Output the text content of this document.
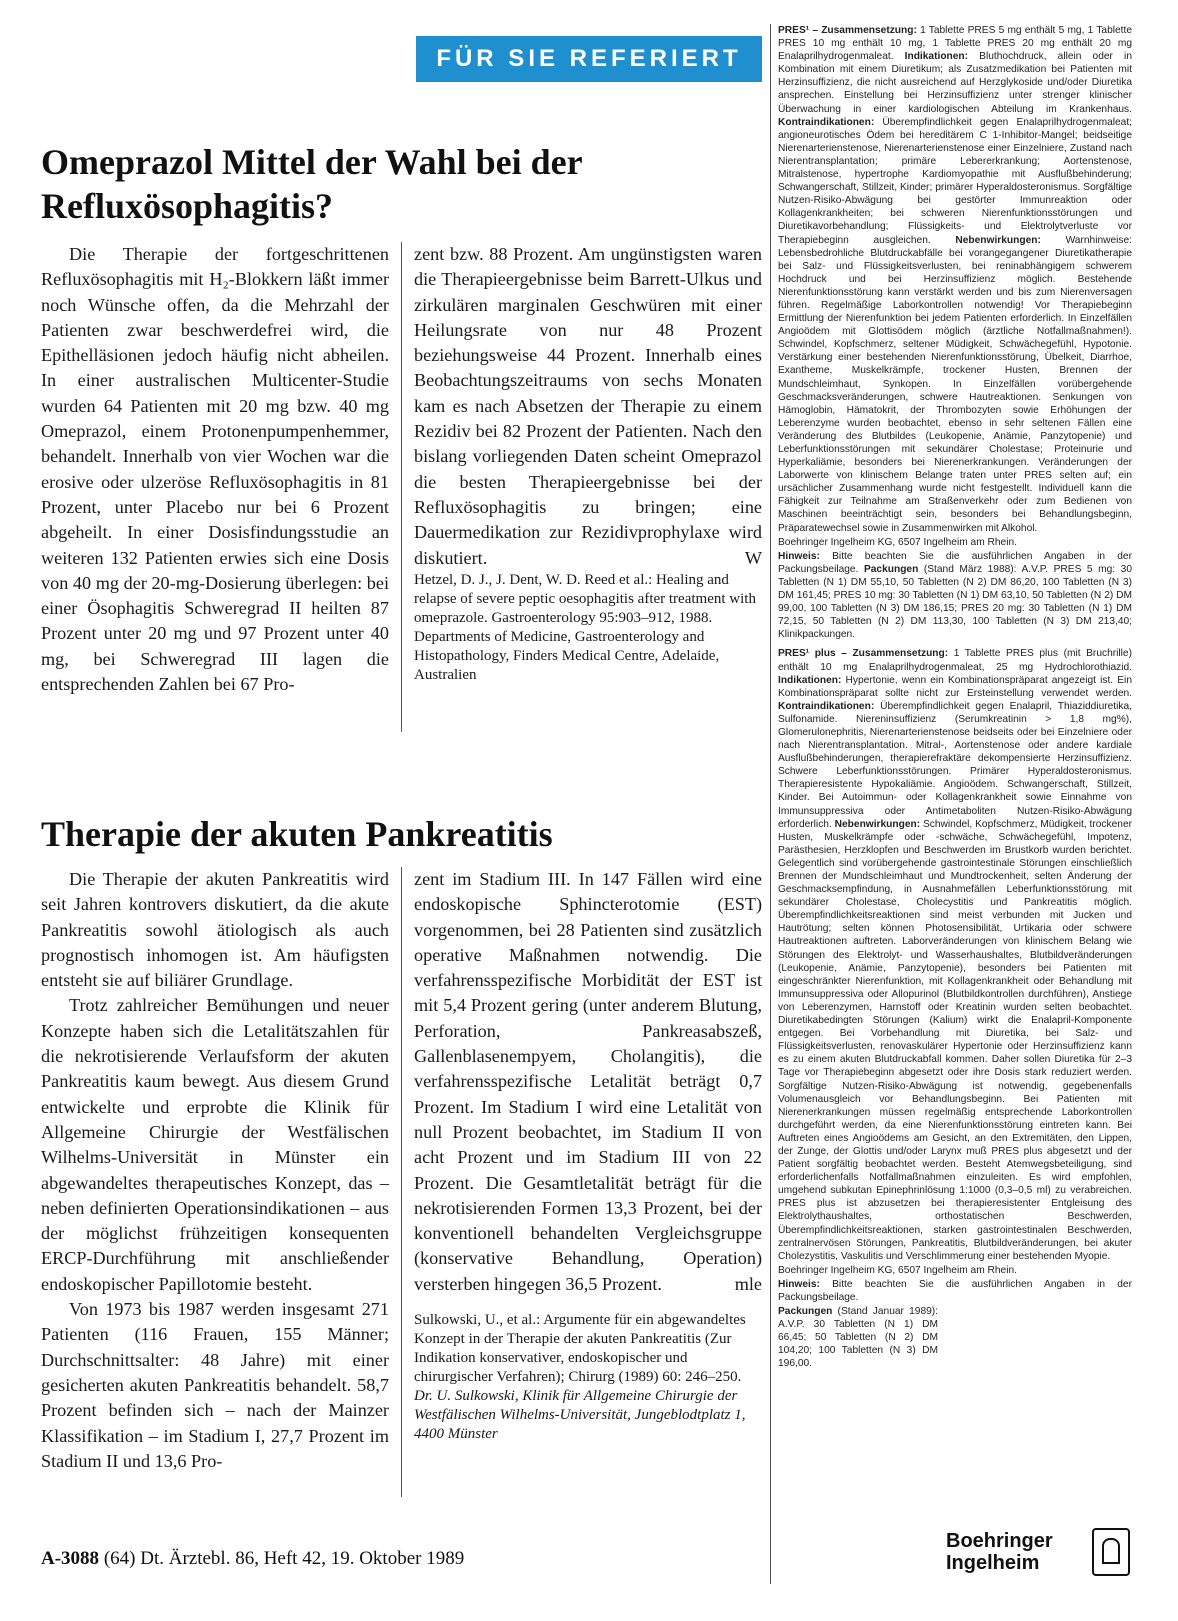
FÜR SIE REFERIERT
Omeprazol Mittel der Wahl bei der Refluxösophagitis?

Die Therapie der fortgeschrittenen Refluxösophagitis mit H₂-Blokkern läßt immer noch Wünsche offen, da die Mehrzahl der Patienten zwar beschwerdefrei wird, die Epithelläsionen jedoch häufig nicht abheilen. In einer australischen Multicenter-Studie wurden 64 Patienten mit 20 mg bzw. 40 mg Omeprazol, einem Protonenpumpenhemmer, behandelt. Innerhalb von vier Wochen war die erosive oder ulzeröse Refluxösophagitis in 81 Prozent, unter Placebo nur bei 6 Prozent abgeheilt. In einer Dosisfindungsstudie an weiteren 132 Patienten erwies sich eine Dosis von 40 mg der 20-mg-Dosierung überlegen: bei einer Ösophagitis Schweregrad II heilten 87 Prozent unter 20 mg und 97 Prozent unter 40 mg, bei Schweregrad III lagen die entsprechenden Zahlen bei 67 Pro-

zent bzw. 88 Prozent. Am ungünstigsten waren die Therapieergebnisse beim Barrett-Ulkus und zirkulären marginalen Geschwüren mit einer Heilungsrate von nur 48 Prozent beziehungsweise 44 Prozent. Innerhalb eines Beobachtungszeitraums von sechs Monaten kam es nach Absetzen der Therapie zu einem Rezidiv bei 82 Prozent der Patienten. Nach den bislang vorliegenden Daten scheint Omeprazol die besten Therapieergebnisse bei der Refluxösophagitis zu bringen; eine Dauermedikation zur Rezidivprophylaxe wird diskutiert.	W

Hetzel, D. J., J. Dent, W. D. Reed et al.: Healing and relapse of severe peptic oesophagitis after treatment with omeprazole. Gastroenterology 95:903–912, 1988.

Departments of Medicine, Gastroenterology and Histopathology, Finders Medical Centre, Adelaide, Australien

Therapie der akuten Pankreatitis

Die Therapie der akuten Pankreatitis wird seit Jahren kontrovers diskutiert, da die akute Pankreatitis sowohl ätiologisch als auch prognostisch inhomogen ist. Am häufigsten entsteht sie auf biliärer Grundlage.

Trotz zahlreicher Bemühungen und neuer Konzepte haben sich die Letalitätszahlen für die nekrotisierende Verlaufsform der akuten Pankreatitis kaum bewegt. Aus diesem Grund entwickelte und erprobte die Klinik für Allgemeine Chirurgie der Westfälischen Wilhelms-Universität in Münster ein abgewandeltes therapeutisches Konzept, das – neben definierten Operationsindikationen – aus der möglichst frühzeitigen konsequenten ERCP-Durchführung mit anschließender endoskopischer Papillotomie besteht.

Von 1973 bis 1987 werden insgesamt 271 Patienten (116 Frauen, 155 Männer; Durchschnittsalter: 48 Jahre) mit einer gesicherten akuten Pankreatitis behandelt. 58,7 Prozent befinden sich – nach der Mainzer Klassifikation – im Stadium I, 27,7 Prozent im Stadium II und 13,6 Pro-

zent im Stadium III. In 147 Fällen wird eine endoskopische Sphincterotomie (EST) vorgenommen, bei 28 Patienten sind zusätzlich operative Maßnahmen notwendig. Die verfahrensspezifische Morbidität der EST ist mit 5,4 Prozent gering (unter anderem Blutung, Perforation, Pankreasabszeß, Gallenblasenempyem, Cholangitis), die verfahrensspezifische Letalität beträgt 0,7 Prozent. Im Stadium I wird eine Letalität von null Prozent beobachtet, im Stadium II von acht Prozent und im Stadium III von 22 Prozent. Die Gesamtletalität beträgt für die nekrotisierenden Formen 13,3 Prozent, bei der konventionell behandelten Vergleichsgruppe (konservative Behandlung, Operation) versterben hingegen 36,5 Prozent.	mle

Sulkowski, U., et al.: Argumente für ein abgewandeltes Konzept in der Therapie der akuten Pankreatitis (Zur Indikation konservativer, endoskopischer und chirurgischer Verfahren); Chirurg (1989) 60: 246–250.

Dr. U. Sulkowski, Klinik für Allgemeine Chirurgie der Westfälischen Wilhelms-Universität, Jungeblodtplatz 1, 4400 Münster

PRES¹ – Zusammensetzung: 1 Tablette PRES 5 mg enthält 5 mg, 1 Tablette PRES 10 mg enthält 10 mg, 1 Tablette PRES 20 mg enthält 20 mg Enalaprilhydrogenmaleat. Indikationen: Bluthochdruck, allein oder in Kombination mit einem Diuretikum; als Zusatzmedikation bei Patienten mit Herzinsuffizienz, die nicht ausreichend auf Herzglykoside und/oder Diuretika ansprechen. Einstellung bei Herzinsuffizienz unter strenger klinischer Überwachung in einer kardiologischen Abteilung im Krankenhaus. Kontraindikationen: Überempfindlichkeit gegen Enalaprilhydrogenmaleat; angioneurotisches Ödem bei hereditärem C 1-Inhibitor-Mangel; beidseitige Nierenarterienstenose, Nierenarterienstenose einer Einzelniere, Zustand nach Nierentransplantation; primäre Lebererkrankung; Aortenstenose, Mitralstenose, hypertrophe Kardiomyopathie mit Ausflußbehinderung; Schwangerschaft, Stillzeit, Kinder; primärer Hyperaldosteronismus. Sorgfältige Nutzen-Risiko-Abwägung bei gestörter Immunreaktion oder Kollagenkrankheiten; bei schweren Nierenfunktionsstörungen und Diuretikavorbehandlung; Flüssigkeits- und Elektrolytverluste vor Therapiebeginn ausgleichen. Nebenwirkungen: Warnhinweise: Lebensbedrohliche Blutdruckabfälle bei vorangegangener Diuretikatherapie bei Salz- und Flüssigkeitsverlusten, bei reninabhängigem schwerem Hochdruck und bei Herzinsuffizienz möglich. Bestehende Nierenfunktionsstörung kann verstärkt werden und bis zum Nierenversagen führen. Regelmäßige Laborkontrollen notwendig! Vor Therapiebeginn Ermittlung der Nierenfunktion bei jedem Patienten erforderlich. In Einzelfällen Angioödem mit Glottisödem möglich (ärztliche Notfallmaßnahmen!). Schwindel, Kopfschmerz, seltener Müdigkeit, Schwächegefühl, Hypotonie. Verstärkung einer bestehenden Nierenfunktionsstörung, Übelkeit, Diarrhoe, Exantheme, Muskelkrämpfe, trockener Husten, Brennen der Mundschleimhaut, Synkopen. In Einzelfällen vorübergehende Geschmacksveränderungen, schwere Hautreaktionen. Senkungen von Hämoglobin, Hämatokrit, der Thrombozyten sowie Erhöhungen der Leberenzyme wurden beobachtet, ebenso in sehr seltenen Fällen eine Veränderung des Blutbildes (Leukopenie, Anämie, Panzytopenie) und Leberfunktionsstörungen mit sekundärer Cholestase; Proteinurie und Hyperkaliämie, besonders bei Nierenerkrankungen. Veränderungen der Laborwerte von klinischem Belange traten unter PRES selten auf; ein ursächlicher Zusammenhang wurde nicht festgestellt. Individuell kann die Fähigkeit zur Teilnahme am Straßenverkehr oder zum Bedienen von Maschinen beeinträchtigt sein, besonders bei Behandlungsbeginn, Präparatewechsel sowie in Zusammenwirken mit Alkohol.

Boehringer Ingelheim KG, 6507 Ingelheim am Rhein.

Hinweis: Bitte beachten Sie die ausführlichen Angaben in der Packungsbeilage. Packungen (Stand März 1988): A.V.P. PRES 5 mg: 30 Tabletten (N 1) DM 55,10, 50 Tabletten (N 2) DM 86,20, 100 Tabletten (N 3) DM 161,45; PRES 10 mg: 30 Tabletten (N 1) DM 63,10, 50 Tabletten (N 2) DM 99,00, 100 Tabletten (N 3) DM 186,15; PRES 20 mg: 30 Tabletten (N 1) DM 72,15, 50 Tabletten (N 2) DM 113,30, 100 Tabletten (N 3) DM 213,40; Klinikpackungen.

PRES¹ plus – Zusammensetzung: 1 Tablette PRES plus (mit Bruchrille) enthält 10 mg Enalaprilhydrogenmaleat, 25 mg Hydrochlorothiazid. Indikationen: Hypertonie, wenn ein Kombinationspräparat angezeigt ist. Ein Kombinationspräparat sollte nicht zur Ersteinstellung verwendet werden. Kontraindikationen: Überempfindlichkeit gegen Enalapril, Thiaziddiuretika, Sulfonamide. Niereninsuffizienz (Serumkreatinin > 1,8 mg%), Glomerulonephritis, Nierenarterienstenose beidseits oder bei Einzelniere oder nach Nierentransplantation. Mitral-, Aortenstenose oder andere kardiale Ausflußbehinderungen, therapierefraktäre dekompensierte Herzinsuffizienz. Schwere Leberfunktionsstörungen. Primärer Hyperaldosteronismus. Therapieresistente Hypokaliämie. Angioödem. Schwangerschaft, Stillzeit, Kinder. Bei Autoimmun- oder Kollagenkrankheit sowie Einnahme von Immunsuppressiva oder Antimetaboliten Nutzen-Risiko-Abwägung erforderlich. Nebenwirkungen: Schwindel, Kopfschmerz, Müdigkeit, trockener Husten, Muskelkrämpfe oder -schwäche, Schwächegefühl, Impotenz, Parästhesien, Herzklopfen und Beschwerden im Brustkorb wurden berichtet. Gelegentlich sind vorübergehende gastrointestinale Störungen einschließlich Brennen der Mundschleimhaut und Mundtrockenheit, selten Änderung der Geschmacksempfindung, in Ausnahmefällen Leberfunktionsstörung mit sekundärer Cholestase, Cholecystitis und Pankreatitis möglich. Überempfindlichkeitsreaktionen sind meist verbunden mit Jucken und Hautrötung; selten können Photosensibilität, Urtikaria oder schwere Hautreaktionen auftreten. Laborveränderungen von klinischem Belang wie Störungen des Elektrolyt- und Wasserhaushaltes, Blutbildveränderungen (Leukopenie, Anämie, Panzytopenie), besonders bei Patienten mit eingeschränkter Nierenfunktion, mit Kollagenkrankheit oder Behandlung mit Immunsuppressiva oder Allopurinol (Blutbildkontrollen durchführen), Anstiege von Leberenzymen, Harnstoff oder Kreatinin wurden selten beobachtet. Diuretikabedingten Störungen (Kalium) wirkt die Enalapril-Komponente entgegen. Bei Vorbehandlung mit Diuretika, bei Salz- und Flüssigkeitsverlusten, renovaskulärer Hypertonie oder Herzinsuffizienz kann es zu einem akuten Blutdruckabfall kommen. Daher sollen Diuretika für 2–3 Tage vor Therapiebeginn abgesetzt oder ihre Dosis stark reduziert werden. Sorgfältige Nutzen-Risiko-Abwägung ist notwendig, gegebenenfalls Volumenausgleich vor Behandlungsbeginn. Bei Patienten mit Nierenerkrankungen müssen regelmäßig entsprechende Laborkontrollen durchgeführt werden, da eine Nierenfunktionsstörung eintreten kann. Bei Auftreten eines Angioödems am Gesicht, an den Extremitäten, den Lippen, der Zunge, der Glottis und/oder Larynx muß PRES plus abgesetzt und der Patient sorgfältig beobachtet werden. Besteht Atemwegsbeteiligung, sind erforderlichenfalls Notfallmaßnahmen einzuleiten. Es wird empfohlen, umgehend subkutan Epinephrinlösung 1:1000 (0,3–0,5 ml) zu verabreichen. PRES plus ist abzusetzen bei therapieresistenter Entgleisung des Elektrolythaushaltes, orthostatischen Beschwerden, Überempfindlichkeitsreaktionen, starken gastrointestinalen Beschwerden, zentralnervösen Störungen, Pankreatitis, Blutbildveränderungen, bei akuter Cholezystitis, Vaskulitis und Verschlimmerung einer bestehenden Myopie.

Boehringer Ingelheim KG, 6507 Ingelheim am Rhein.

Hinweis: Bitte beachten Sie die ausführlichen Angaben in der Packungsbeilage.

Packungen (Stand Januar 1989): A.V.P. 30 Tabletten (N 1) DM 66,45; 50 Tabletten (N 2) DM 104,20; 100 Tabletten (N 3) DM 196,00.

Boehringer
Ingelheim
A-3088 (64) Dt. Ärztebl. 86, Heft 42, 19. Oktober 1989
